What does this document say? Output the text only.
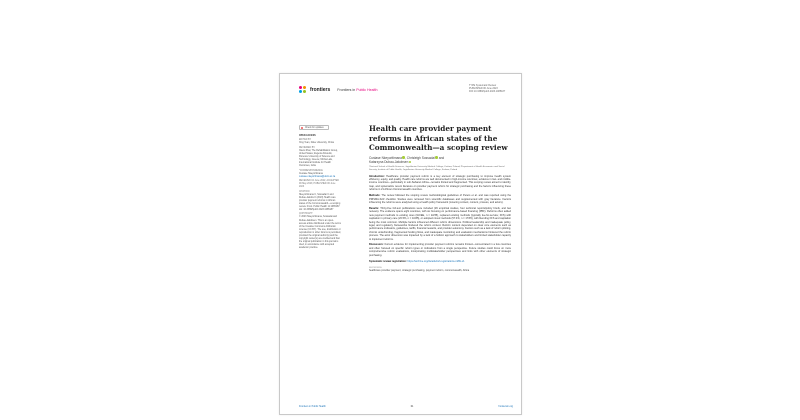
frontiers Frontiers in Public Health
TYPE Systematic Review
PUBLISHED 06 June 2023
DOI 10.3389/fpubh.2023.1085187
Check for updates
OPEN ACCESS
EDITED BY
Xing Yuan, Duke University, China
REVIEWED BY
Xiaoxi Zhai, The Rehabilitation Group, United States; Evgenia Kitsoulin, Florence University of Science and Technology, Greece; Minha Lala, International Institute for Health Outcomes, India
*CORRESPONDENCE
Custase Nkeyoritimana
custase.nkeyoritimana@ukzn.ac.za
RECEIVED 04 June 2022; ACCEPTED 09 May 2023; PUBLISHED 06 June 2023
CITATION
Nkeyoritimana C, Sossadai C and Dubau-Jakobs K (2023) Health care provider payment reforms in African states of the Commonwealth—a scoping review. Front. Public Health 11:1085187. doi: 10.3389/fpubh.2023.1085187
COPYRIGHT
© 2023 Nkeyoritimana, Sossadai and Dubau-Jakobsen. This is an open-access article distributed under the terms of the Creative Commons Attribution License (CC BY). The use, distribution or reproduction in other forums is permitted, provided the original author(s) and the copyright owner(s) are credited and that the original publication in this journal is cited, in accordance with accepted academic practice.
Health care provider payment reforms in African states of the Commonwealth—a scoping review
Custase Nkeyoritimana , Chrisleigh Sossadai and
Katarzyna Dubau-Jakobsen
¹Doctoral School of Health Sciences, Jagiellonian University Medical College, Krakow, Poland; ²Department of Health Economics and Social Security, Institute of Public Health, Jagiellonian University Medical College, Krakow, Poland
Introduction: Healthcare provider payment reform is a key element of strategic purchasing to improve health system efficiency, equity, and quality. Health care reforms are well documented in high-income countries; evidence in low- and middle-income countries—particularly in sub-Saharan Africa—remains limited and fragmented. This scoping review aimed to identify, map, and systematize recent literature on provider payment reform for strategic purchasing and the factors influencing these reforms in 21 African Commonwealth countries.
Methods: The review followed the scoping review methodological guidelines of Peters et al. and was reported using the PRISMA-ScR checklist. Studies were retrieved from scientific databases and supplemented with gray literature. Factors influencing the reforms were analyzed using a health policy framework (covering context, content, process, and actors).
Results: Thirty-five full-text publications were included (29 empirical studies, four technical reports/policy briefs, and two reviews). The evidence spans eight countries, with six focusing on performance-based financing (PBF). Reforms often added new payment methods to existing ones (GC/EE, n = 22/35), replaced existing methods (typically fee-for-service; FFS) with capitation in primary care (20.5%, n = 10/35), or adopted mixed methods (57.4%, n = 17/35), with blending FFS and capitation being the most common. Multiple factors influenced different reform dimensions. Political leadership and inadequate policy, legal, and regulatory frameworks hindered the reform context. Reform content depended on clear core elements such as performance indicators, guidelines, tariffs, financial rewards, and provider autonomy. Factors such as a lack of reform piloting, chronic underfunding, fragmented funding flows, and inadequate monitoring and evaluation mechanisms hindered the reform process. The actor dimension was impacted by a lack of a holistic approach to stakeholders and limited stakeholder capacity to implement reforms.
Discussion: Current evidence for implementing provider payment reforms remains limited—concentrated in a few countries and often focused on specific reform types or indications from a single perspective. Future studies could focus on more comprehensive reform evaluations, incorporating multistakeholder perspectives and links with other elements of strategic purchasing.
Systematic review registration: https://archive.org/details/osf-registrations-m8bt-v1
KEYWORDS
healthcare provider payment, strategic purchasing, payment reform, commonwealth, Africa
Frontiers in Public Health	01	frontiersin.org
